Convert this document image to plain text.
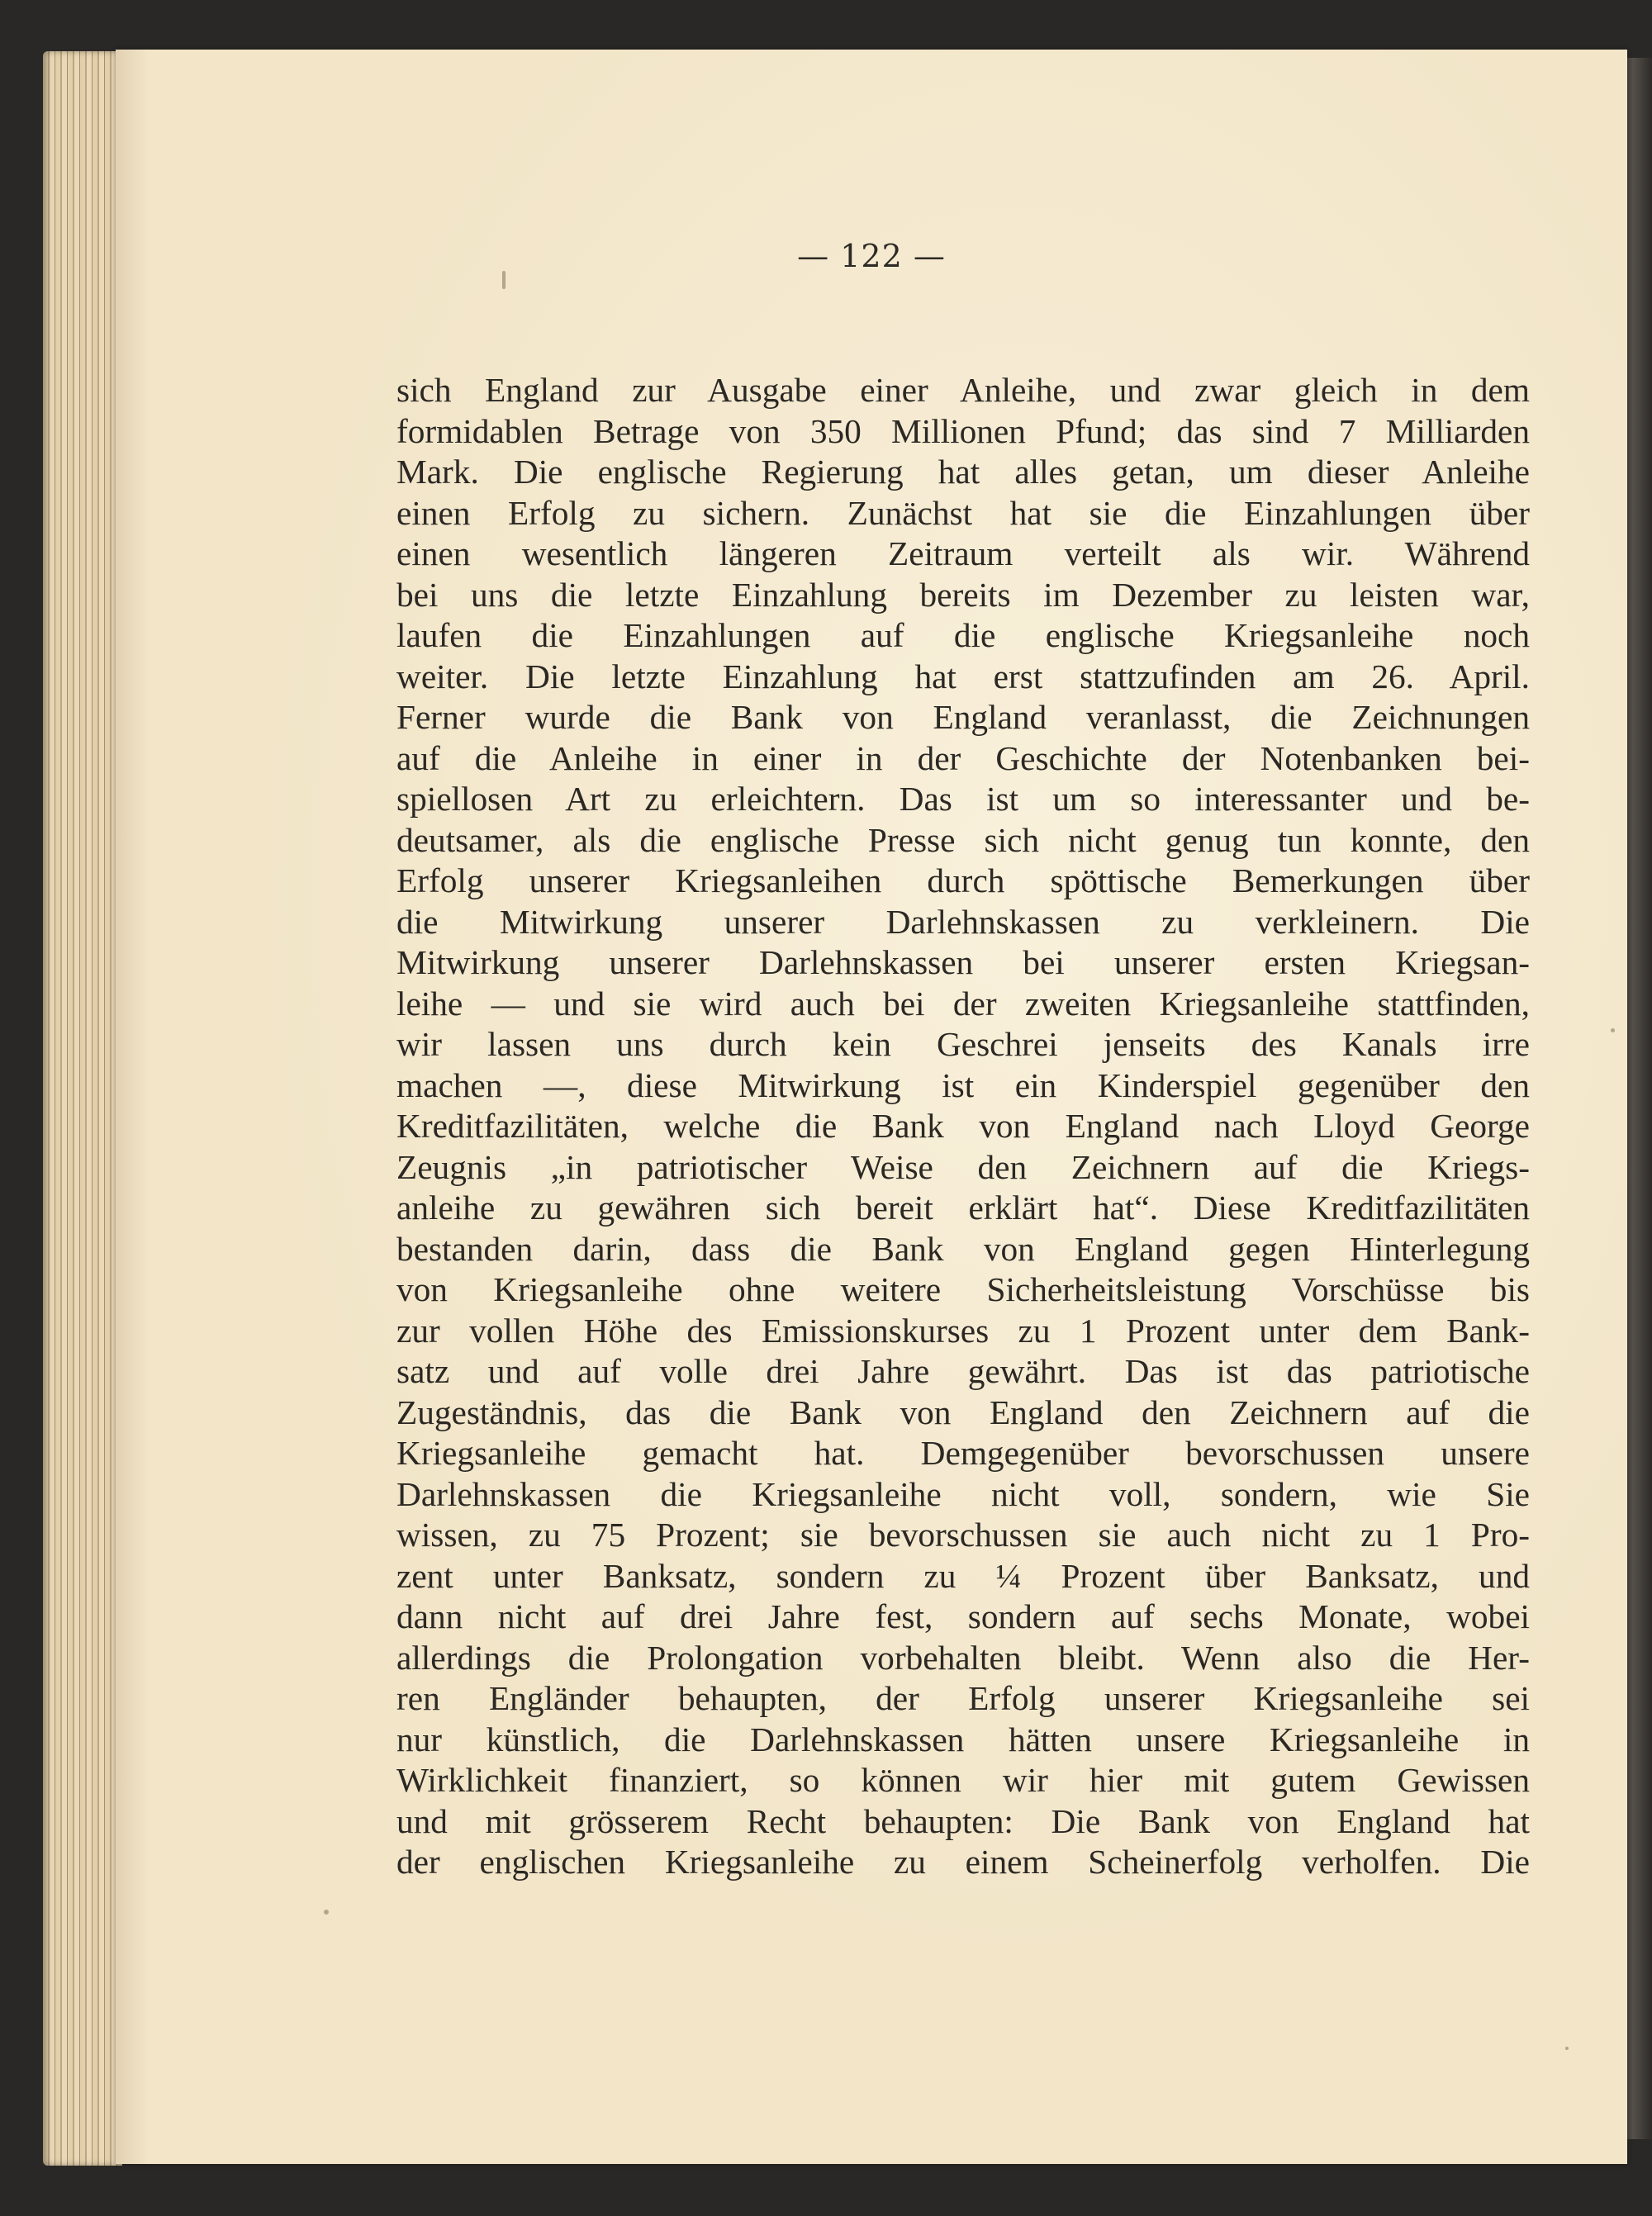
— 122 —
sich England zur Ausgabe einer Anleihe, und zwar gleich in dem
formidablen Betrage von 350 Millionen Pfund; das sind 7 Milliarden
Mark. Die englische Regierung hat alles getan, um dieser Anleihe
einen Erfolg zu sichern. Zunächst hat sie die Einzahlungen über
einen wesentlich längeren Zeitraum verteilt als wir. Während
bei uns die letzte Einzahlung bereits im Dezember zu leisten war,
laufen die Einzahlungen auf die englische Kriegsanleihe noch
weiter. Die letzte Einzahlung hat erst stattzufinden am 26. April.
Ferner wurde die Bank von England veranlasst, die Zeichnungen
auf die Anleihe in einer in der Geschichte der Notenbanken bei-
spiellosen Art zu erleichtern. Das ist um so interessanter und be-
deutsamer, als die englische Presse sich nicht genug tun konnte, den
Erfolg unserer Kriegsanleihen durch spöttische Bemerkungen über
die Mitwirkung unserer Darlehnskassen zu verkleinern. Die
Mitwirkung unserer Darlehnskassen bei unserer ersten Kriegsan-
leihe — und sie wird auch bei der zweiten Kriegsanleihe stattfinden,
wir lassen uns durch kein Geschrei jenseits des Kanals irre
machen —, diese Mitwirkung ist ein Kinderspiel gegenüber den
Kreditfazilitäten, welche die Bank von England nach Lloyd George
Zeugnis „in patriotischer Weise den Zeichnern auf die Kriegs-
anleihe zu gewähren sich bereit erklärt hat“. Diese Kreditfazilitäten
bestanden darin, dass die Bank von England gegen Hinterlegung
von Kriegsanleihe ohne weitere Sicherheitsleistung Vorschüsse bis
zur vollen Höhe des Emissionskurses zu 1 Prozent unter dem Bank-
satz und auf volle drei Jahre gewährt. Das ist das patriotische
Zugeständnis, das die Bank von England den Zeichnern auf die
Kriegsanleihe gemacht hat. Demgegenüber bevorschussen unsere
Darlehnskassen die Kriegsanleihe nicht voll, sondern, wie Sie
wissen, zu 75 Prozent; sie bevorschussen sie auch nicht zu 1 Pro-
zent unter Banksatz, sondern zu ¼ Prozent über Banksatz, und
dann nicht auf drei Jahre fest, sondern auf sechs Monate, wobei
allerdings die Prolongation vorbehalten bleibt. Wenn also die Her-
ren Engländer behaupten, der Erfolg unserer Kriegsanleihe sei
nur künstlich, die Darlehnskassen hätten unsere Kriegsanleihe in
Wirklichkeit finanziert, so können wir hier mit gutem Gewissen
und mit grösserem Recht behaupten: Die Bank von England hat
der englischen Kriegsanleihe zu einem Scheinerfolg verholfen. Die
